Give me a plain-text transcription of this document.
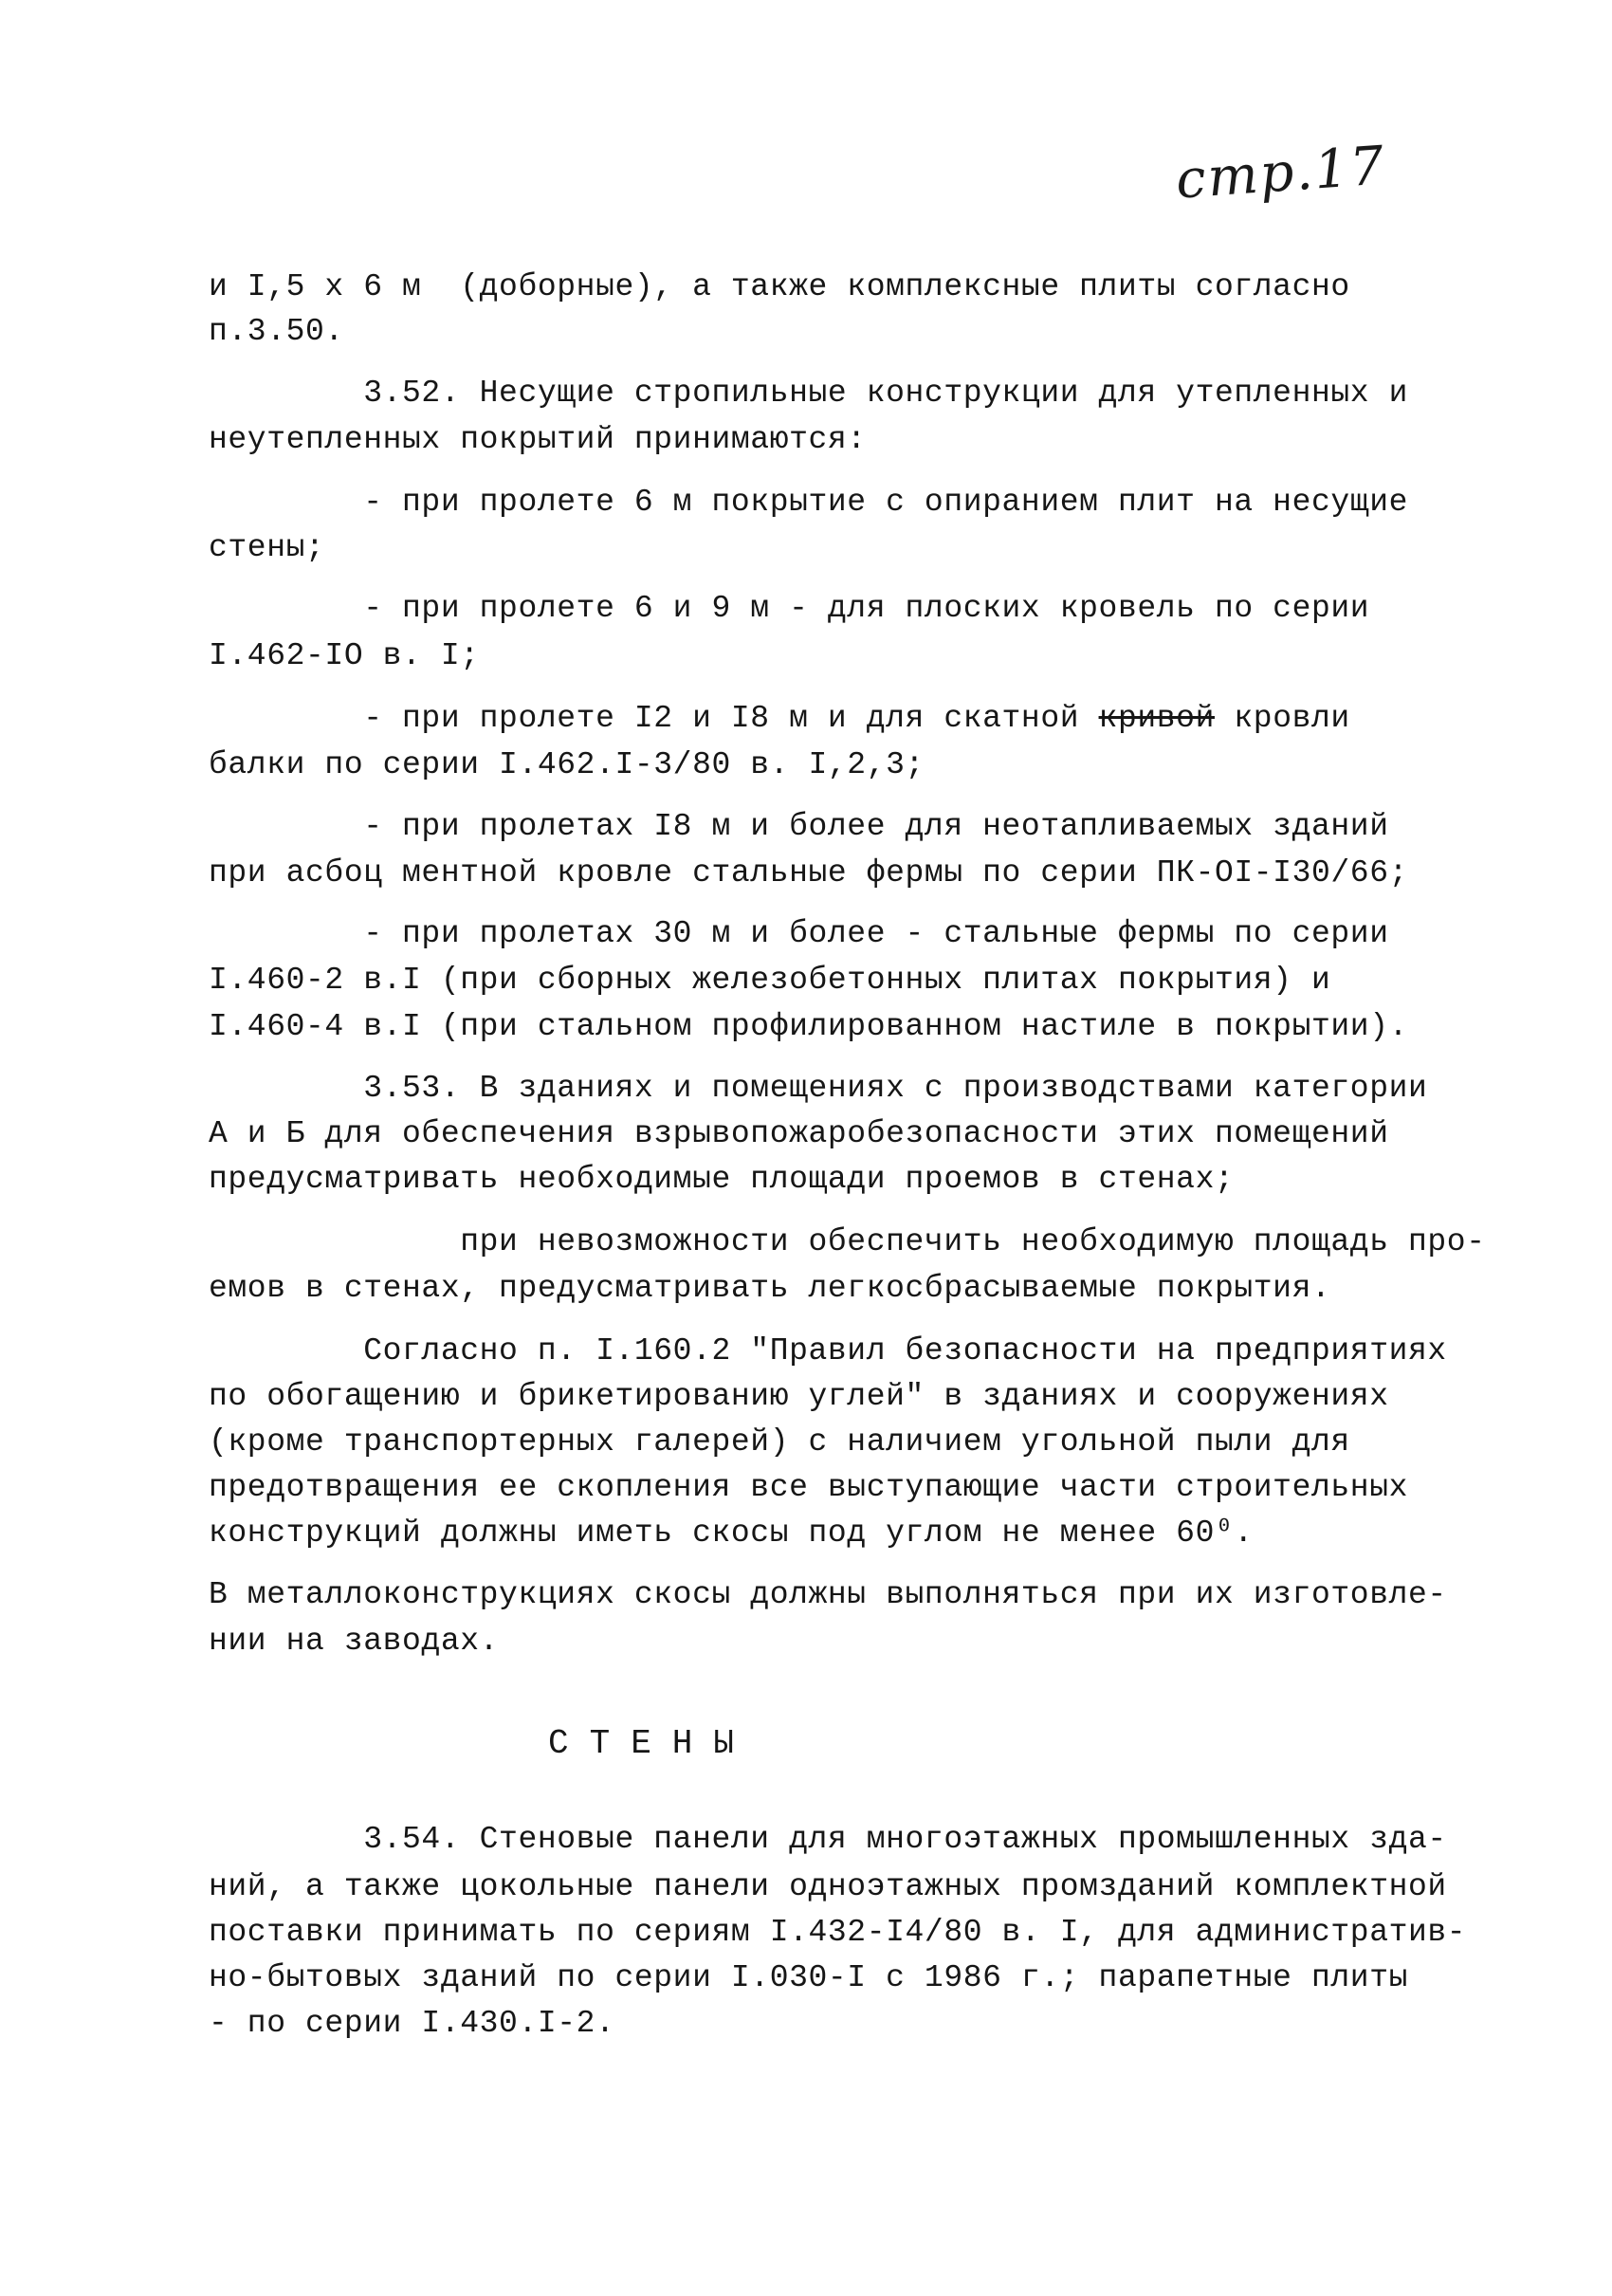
стр.17
и I,5 х 6 м  (доборные), а также комплексные плиты согласно
п.3.50.
3.52. Несущие стропильные конструкции для утепленных и
неутепленных покрытий принимаются:
- при пролете 6 м покрытие с опиранием плит на несущие
стены;
- при пролете 6 и 9 м - для плоских кровель по серии
I.462-IO в. I;
- при пролете I2 и I8 м и для скатной кривой кровли
балки по серии I.462.I-3/80 в. I,2,3;
- при пролетах I8 м и более для неотапливаемых зданий
при асбоц ментной кровле стальные фермы по серии ПК-OI-I30/66;
- при пролетах 30 м и более - стальные фермы по серии
I.460-2 в.I (при сборных железобетонных плитах покрытия) и
I.460-4 в.I (при стальном профилированном настиле в покрытии).
3.53. В зданиях и помещениях с производствами категории
А и Б для обеспечения взрывопожаробезопасности этих помещений
предусматривать необходимые площади проемов в стенах;
при невозможности обеспечить необходимую площадь про-
емов в стенах, предусматривать легкосбрасываемые покрытия.
Согласно п. I.160.2 "Правил безопасности на предприятиях
по обогащению и брикетированию углей" в зданиях и сооружениях
(кроме транспортерных галерей) с наличием угольной пыли для
предотвращения ее скопления все выступающие части строительных
конструкций должны иметь скосы под углом не менее 60⁰.
В металлоконструкциях скосы должны выполняться при их изготовле-
нии на заводах.
СТЕНЫ
3.54. Стеновые панели для многоэтажных промышленных зда-
ний, а также цокольные панели одноэтажных промзданий комплектной
поставки принимать по сериям I.432-I4/80 в. I, для административ-
но-бытовых зданий по серии I.030-I с 1986 г.; парапетные плиты
- по серии I.430.I-2.
